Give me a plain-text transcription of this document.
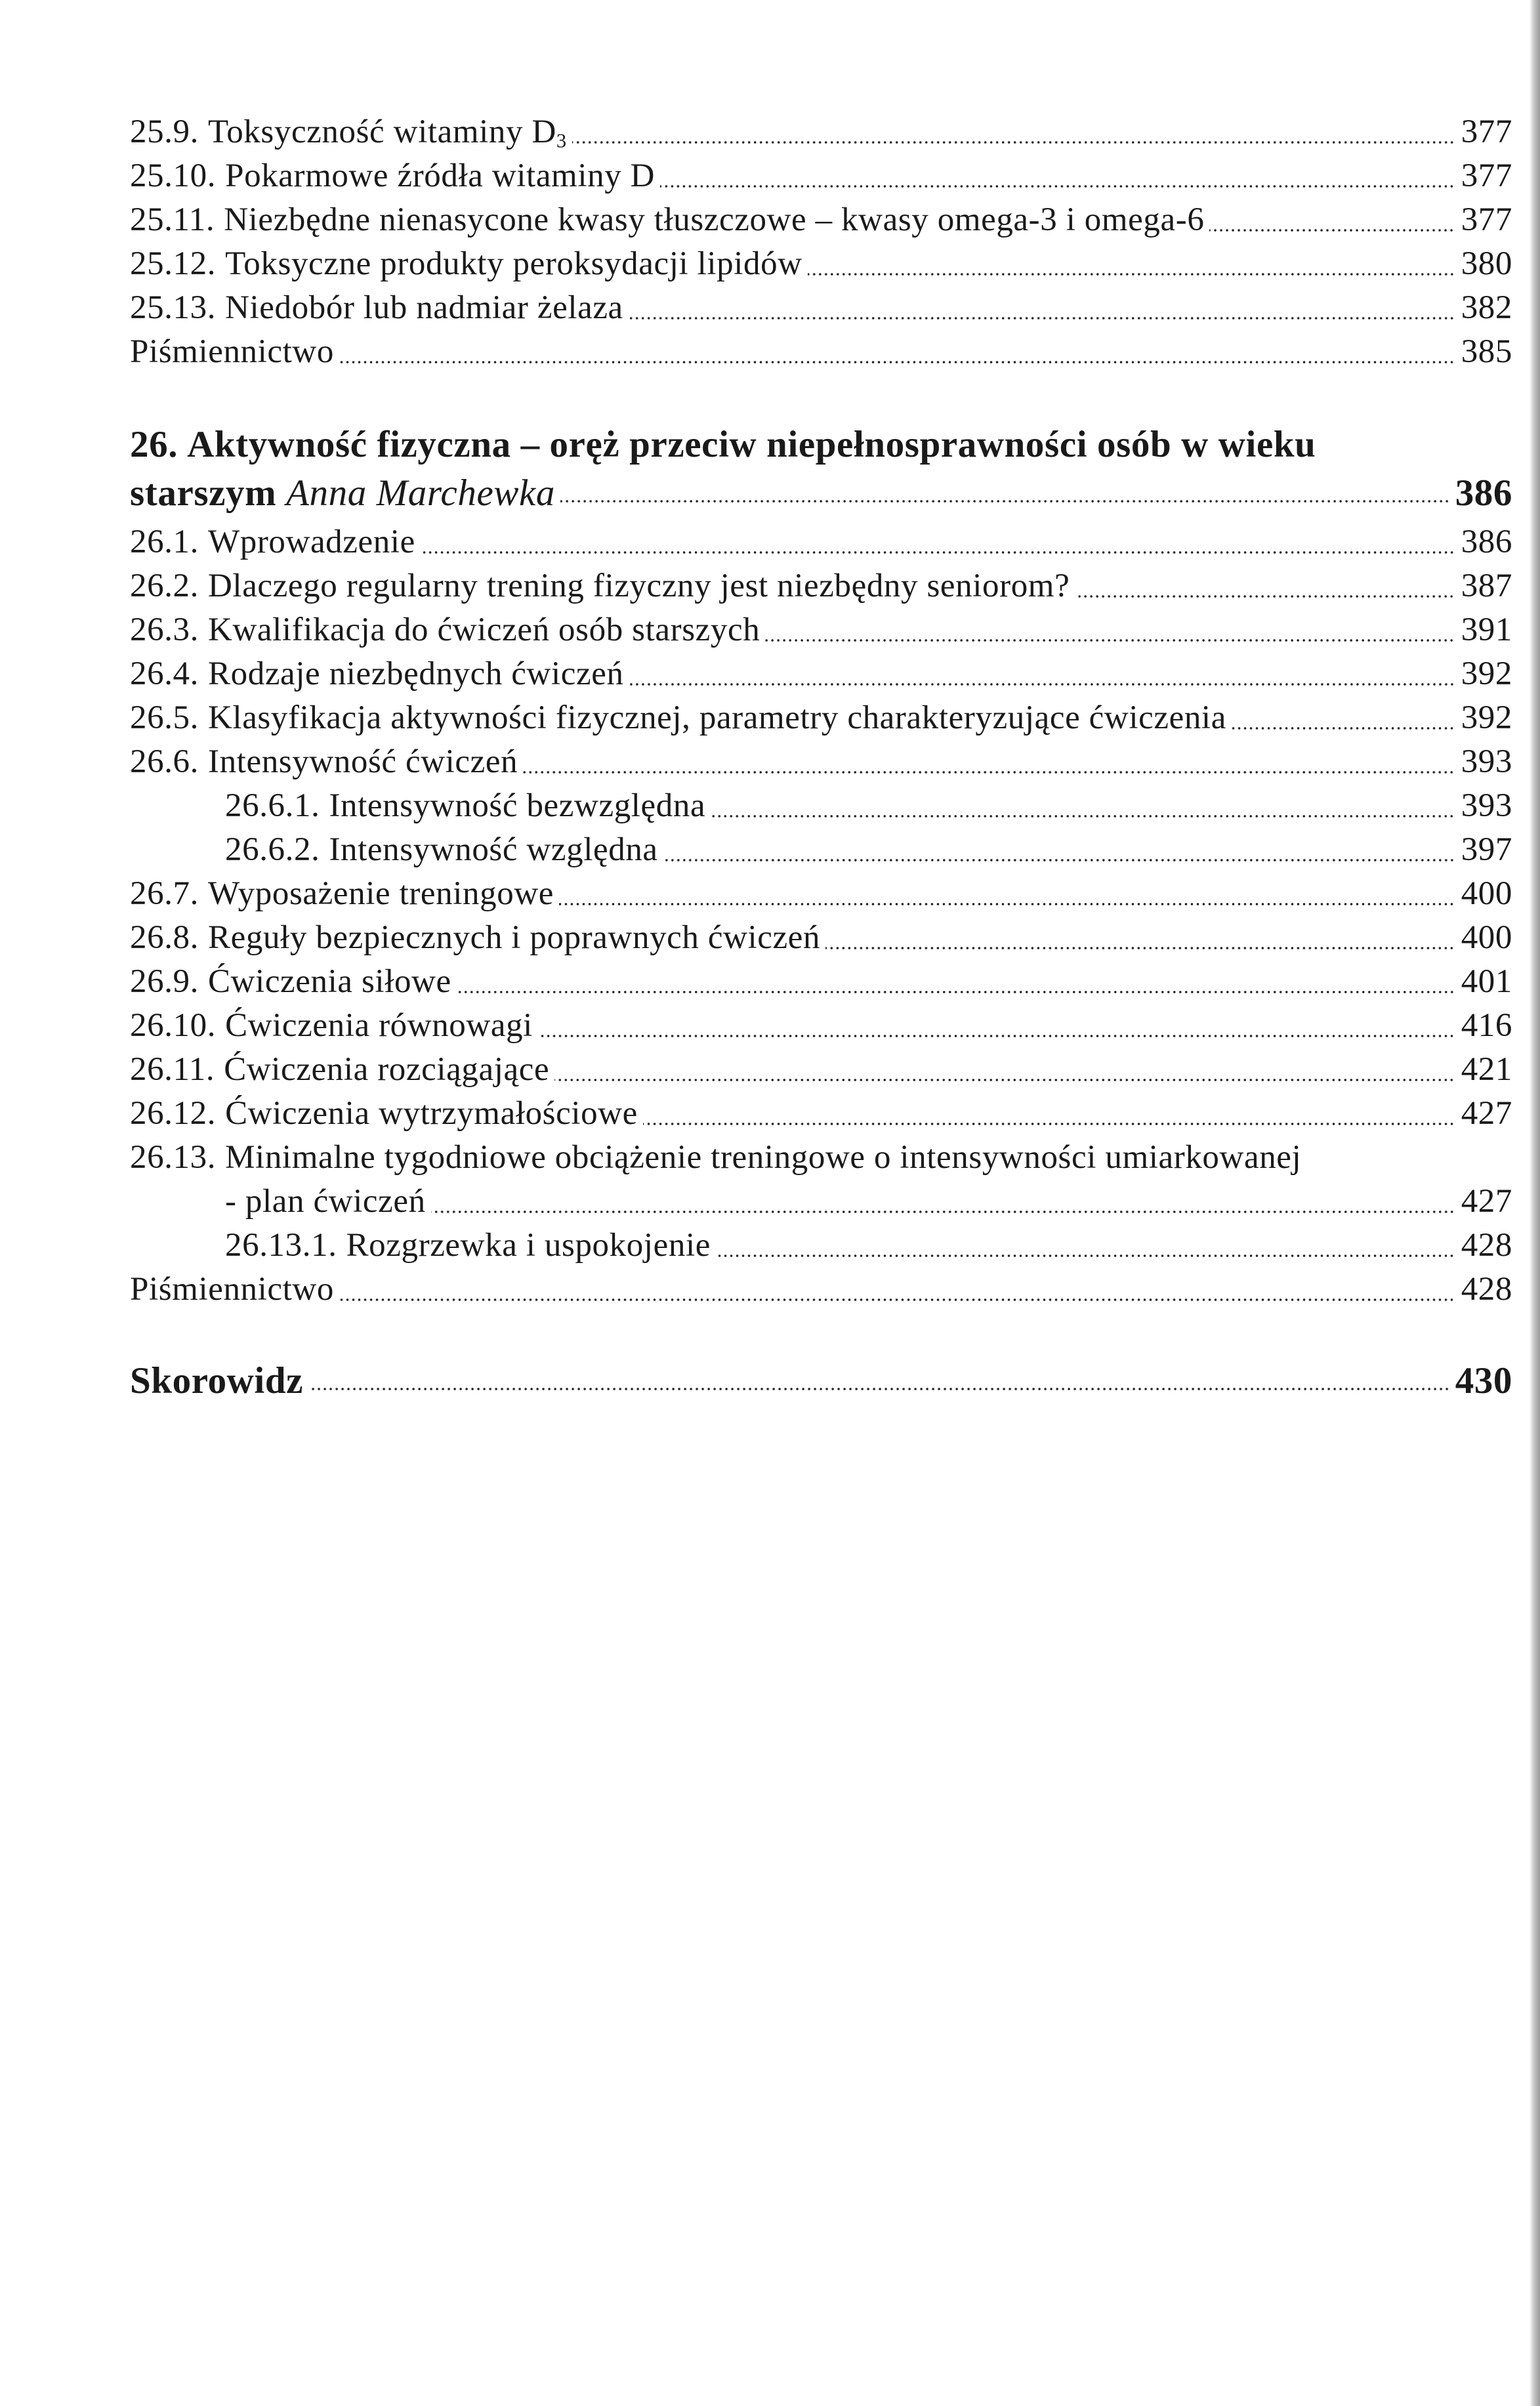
25.9. Toksyczność witaminy $D_3$	377
25.10. Pokarmowe źródła witaminy D	377
25.11. Niezbędne nienasycone kwasy tłuszczowe – kwasy omega-3 i omega-6	377
25.12. Toksyczne produkty peroksydacji lipidów	380
25.13. Niedobór lub nadmiar żelaza	382
Piśmiennictwo	385
26. Aktywność fizyczna – oręż przeciw niepełnosprawności osób w wieku
starszym Anna Marchewka	386
26.1. Wprowadzenie	386
26.2. Dlaczego regularny trening fizyczny jest niezbędny seniorom?	387
26.3. Kwalifikacja do ćwiczeń osób starszych	391
26.4. Rodzaje niezbędnych ćwiczeń	392
26.5. Klasyfikacja aktywności fizycznej, parametry charakteryzujące ćwiczenia	392
26.6. Intensywność ćwiczeń	393
26.6.1. Intensywność bezwzględna	393
26.6.2. Intensywność względna	397
26.7. Wyposażenie treningowe	400
26.8. Reguły bezpiecznych i poprawnych ćwiczeń	400
26.9. Ćwiczenia siłowe	401
26.10. Ćwiczenia równowagi	416
26.11. Ćwiczenia rozciągające	421
26.12. Ćwiczenia wytrzymałościowe	427
26.13. Minimalne tygodniowe obciążenie treningowe o intensywności umiarkowanej
- plan ćwiczeń	427
26.13.1. Rozgrzewka i uspokojenie	428
Piśmiennictwo	428
Skorowidz	430
